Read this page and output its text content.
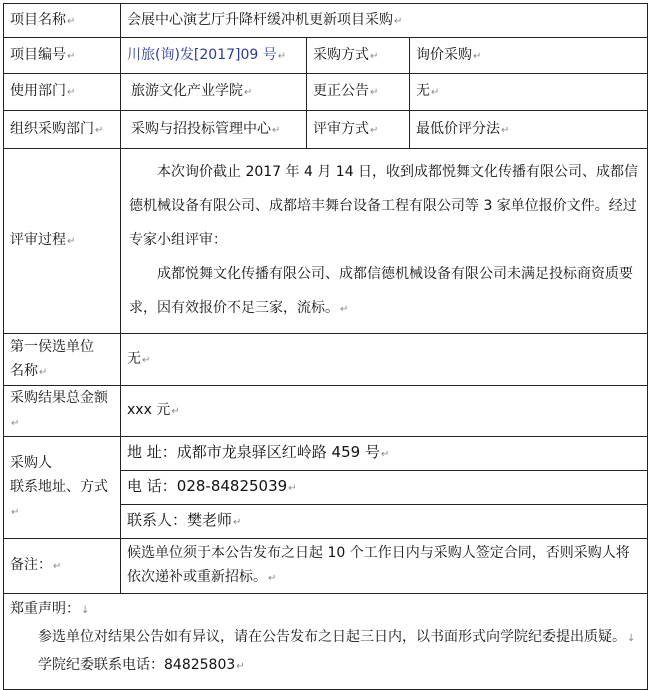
项目名称↵	会展中心演艺厅升降杆缓冲机更新项目采购↵		
项目编号↵	川旅(询)发[2017]09 号↵	采购方式↵	询价采购↵
使用部门↵	旅游文化产业学院↵	更正公告↵	无↵
组织采购部门↵	采购与招投标管理中心↵	评审方式↵	最低价评分法↵
评审过程↵	本次询价截止 2017 年 4 月 14 日，收到成都悦舞文化传播有限公司、成都信德机械设备有限公司、成都培丰舞台设备工程有限公司等 3 家单位报价文件。经过专家小组评审：

成都悦舞文化传播有限公司、成都信德机械设备有限公司未满足投标商资质要求，因有效报价不足三家，流标。↵		

第一侯选单位
名称↵	无↵		
采购结果总金额↵	xxx 元↵		

采购人
联系地址、方式↵	地 址：成都市龙泉驿区红岭路 459 号↵		
	电 话：028-84825039↵		
	联系人：樊老师↵		
备注：↵	候选单位须于本公告发布之日起 10 个工作日内与采购人签定合同，否则采购人将依次递补或重新招标。↵		

郑重声明：↓
参选单位对结果公告如有异议，请在公告发布之日起三日内，以书面形式向学院纪委提出质疑。↓
学院纪委联系电话：84825803↵			
